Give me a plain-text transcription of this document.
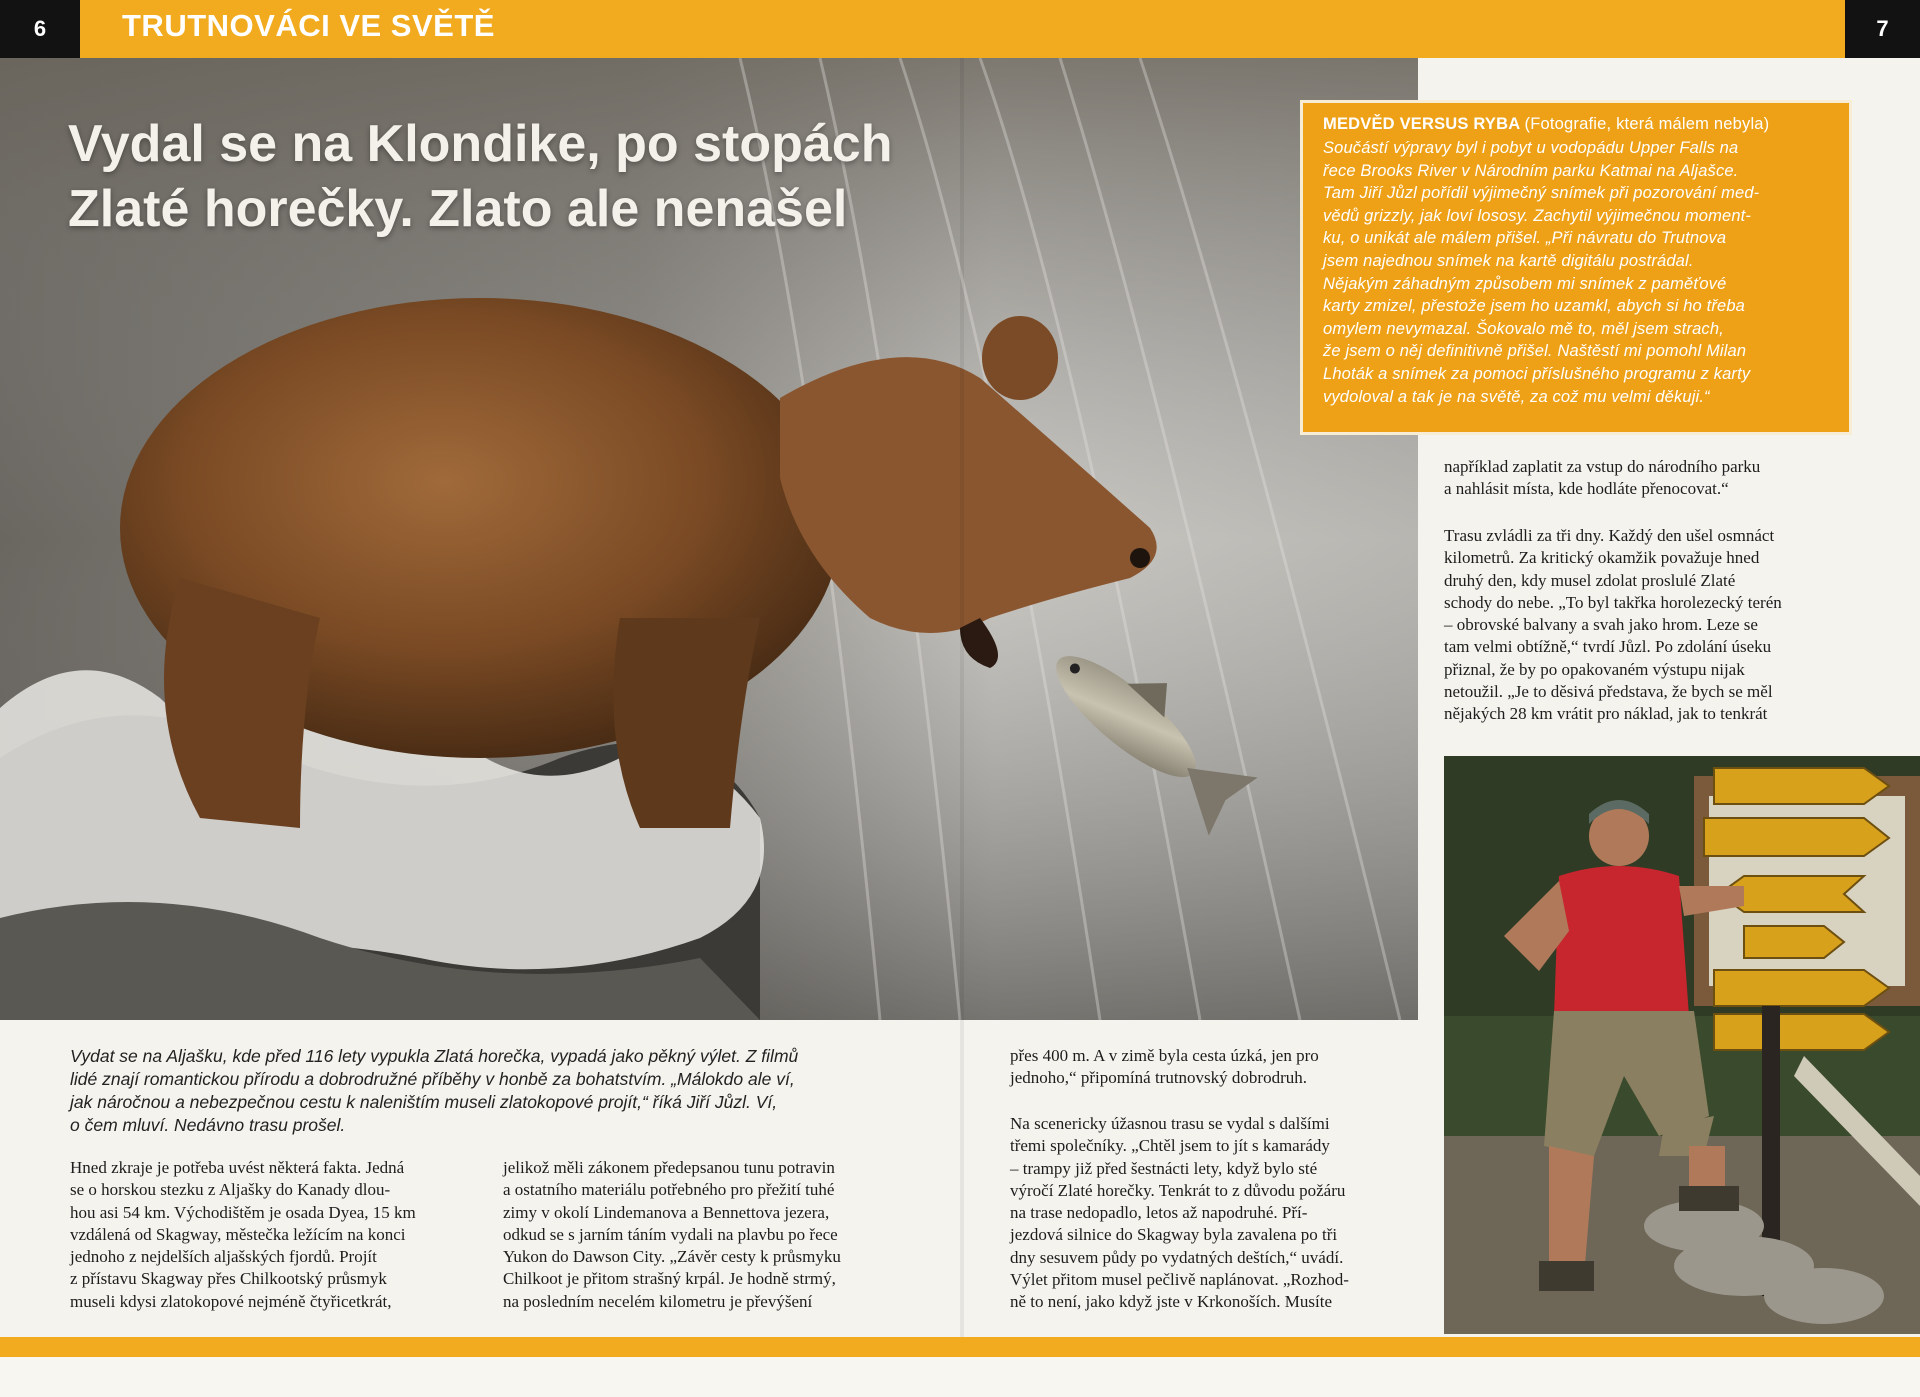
6	7
TRUTNOVÁCI VE SVĚTĚ
Vydal se na Klondike, po stopách
Zlaté horečky. Zlato ale nenašel
MEDVĚD VERSUS RYBA (Fotografie, která málem nebyla)
Součástí výpravy byl i pobyt u vodopádu Upper Falls na
řece Brooks River v Národním parku Katmai na Aljašce.
Tam Jiří Jůzl pořídil výjimečný snímek při pozorování med-
vědů grizzly, jak loví lososy. Zachytil výjimečnou moment-
ku, o unikát ale málem přišel. „Při návratu do Trutnova
jsem najednou snímek na kartě digitálu postrádal.
Nějakým záhadným způsobem mi snímek z paměťové
karty zmizel, přestože jsem ho uzamkl, abych si ho třeba
omylem nevymazal. Šokovalo mě to, měl jsem strach,
že jsem o něj definitivně přišel. Naštěstí mi pomohl Milan
Lhoták a snímek za pomoci příslušného programu z karty
vydoloval a tak je na světě, za což mu velmi děkuji.“
například zaplatit za vstup do národního parku
a nahlásit místa, kde hodláte přenocovat.“
Trasu zvládli za tři dny. Každý den ušel osmnáct
kilometrů. Za kritický okamžik považuje hned
druhý den, kdy musel zdolat proslulé Zlaté
schody do nebe. „To byl takřka horolezecký terén
– obrovské balvany a svah jako hrom. Leze se
tam velmi obtížně,“ tvrdí Jůzl. Po zdolání úseku
přiznal, že by po opakovaném výstupu nijak
netoužil. „Je to děsivá představa, že bych se měl
nějakých 28 km vrátit pro náklad, jak to tenkrát
Vydat se na Aljašku, kde před 116 lety vypukla Zlatá horečka, vypadá jako pěkný výlet. Z filmů
lidé znají romantickou přírodu a dobrodružné příběhy v honbě za bohatstvím. „Málokdo ale ví,
jak náročnou a nebezpečnou cestu k naleništím museli zlatokopové projít,“ říká Jiří Jůzl. Ví,
o čem mluví. Nedávno trasu prošel.
Hned zkraje je potřeba uvést některá fakta. Jedná
se o horskou stezku z Aljašky do Kanady dlou-
hou asi 54 km. Východištěm je osada Dyea, 15 km
vzdálená od Skagway, městečka ležícím na konci
jednoho z nejdelších aljašských fjordů. Projít
z přístavu Skagway přes Chilkootský průsmyk
museli kdysi zlatokopové nejméně čtyřicetkrát,
jelikož měli zákonem předepsanou tunu potravin
a ostatního materiálu potřebného pro přežití tuhé
zimy v okolí Lindemanova a Bennettova jezera,
odkud se s jarním táním vydali na plavbu po řece
Yukon do Dawson City. „Závěr cesty k průsmyku
Chilkoot je přitom strašný krpál. Je hodně strmý,
na posledním necelém kilometru je převýšení
přes 400 m. A v zimě byla cesta úzká, jen pro
jednoho,“ připomíná trutnovský dobrodruh.
Na scenericky úžasnou trasu se vydal s dalšími
třemi společníky. „Chtěl jsem to jít s kamarády
– trampy již před šestnácti lety, když bylo sté
výročí Zlaté horečky. Tenkrát to z důvodu požáru
na trase nedopadlo, letos až napodruhé. Pří-
jezdová silnice do Skagway byla zavalena po tři
dny sesuvem půdy po vydatných deštích,“ uvádí.
Výlet přitom musel pečlivě naplánovat. „Rozhod-
ně to není, jako když jste v Krkonoších. Musíte
